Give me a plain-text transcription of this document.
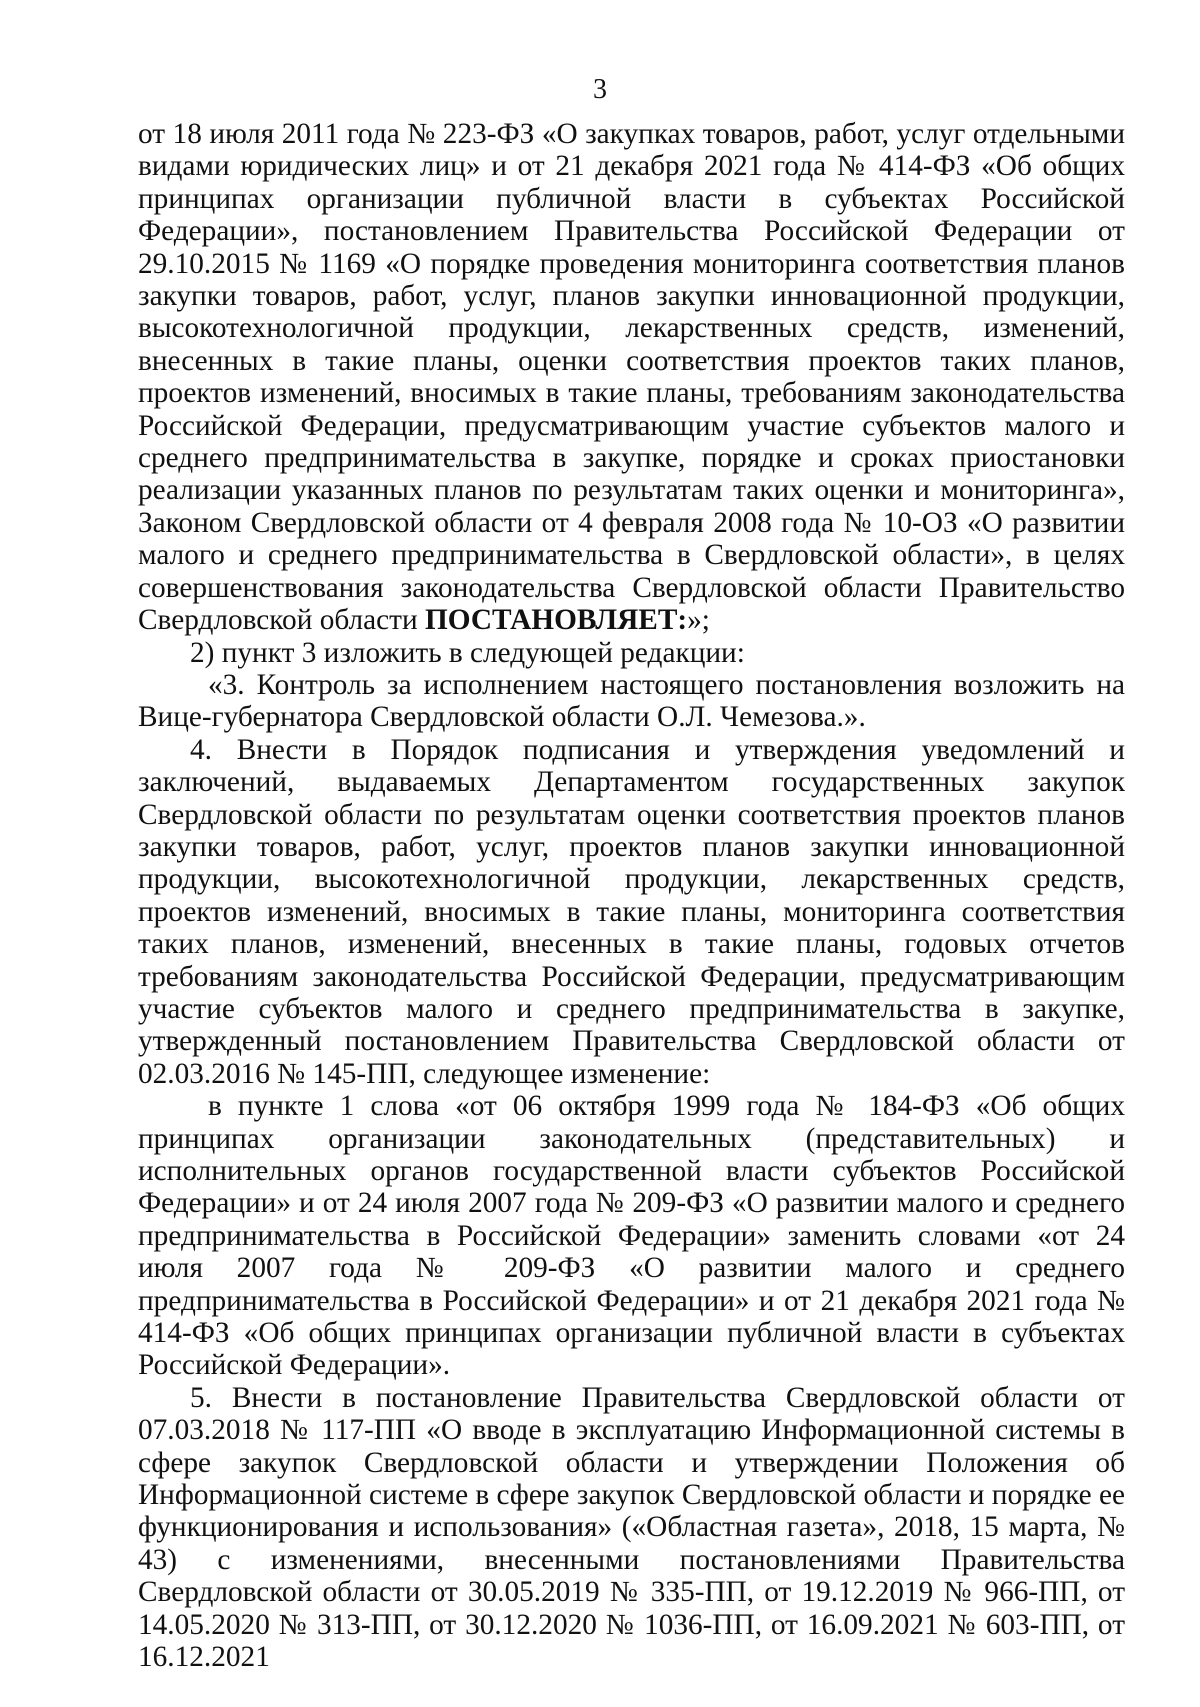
3

от 18 июля 2011 года № 223-ФЗ «О закупках товаров, работ, услуг отдельными видами юридических лиц» и от 21 декабря 2021 года № 414-ФЗ «Об общих принципах организации публичной власти в субъектах Российской Федерации», постановлением Правительства Российской Федерации от 29.10.2015 № 1169 «О порядке проведения мониторинга соответствия планов закупки товаров, работ, услуг, планов закупки инновационной продукции, высокотехнологичной продукции, лекарственных средств, изменений, внесенных в такие планы, оценки соответствия проектов таких планов, проектов изменений, вносимых в такие планы, требованиям законодательства Российской Федерации, предусматривающим участие субъектов малого и среднего предпринимательства в закупке, порядке и сроках приостановки реализации указанных планов по результатам таких оценки и мониторинга», Законом Свердловской области от 4 февраля 2008 года № 10-ОЗ «О развитии малого и среднего предпринимательства в Свердловской области», в целях совершенствования законодательства Свердловской области Правительство Свердловской области ПОСТАНОВЛЯЕТ:»;

2) пункт 3 изложить в следующей редакции:

«3. Контроль за исполнением настоящего постановления возложить на Вице-губернатора Свердловской области О.Л. Чемезова.».

4. Внести в Порядок подписания и утверждения уведомлений и заключений, выдаваемых Департаментом государственных закупок Свердловской области по результатам оценки соответствия проектов планов закупки товаров, работ, услуг, проектов планов закупки инновационной продукции, высокотехнологичной продукции, лекарственных средств, проектов изменений, вносимых в такие планы, мониторинга соответствия таких планов, изменений, внесенных в такие планы, годовых отчетов требованиям законодательства Российской Федерации, предусматривающим участие субъектов малого и среднего предпринимательства в закупке, утвержденный постановлением Правительства Свердловской области от 02.03.2016 № 145-ПП, следующее изменение:

в пункте 1 слова «от 06 октября 1999 года № 184-ФЗ «Об общих принципах организации законодательных (представительных) и исполнительных органов государственной власти субъектов Российской Федерации» и от 24 июля 2007 года № 209-ФЗ «О развитии малого и среднего предпринимательства в Российской Федерации» заменить словами «от 24 июля 2007 года № 209-ФЗ «О развитии малого и среднего предпринимательства в Российской Федерации» и от 21 декабря 2021 года № 414-ФЗ «Об общих принципах организации публичной власти в субъектах Российской Федерации».

5. Внести в постановление Правительства Свердловской области от 07.03.2018 № 117-ПП «О вводе в эксплуатацию Информационной системы в сфере закупок Свердловской области и утверждении Положения об Информационной системе в сфере закупок Свердловской области и порядке ее функционирования и использования» («Областная газета», 2018, 15 марта, № 43) с изменениями, внесенными постановлениями Правительства Свердловской области от 30.05.2019 № 335-ПП, от 19.12.2019 № 966-ПП, от 14.05.2020 № 313-ПП, от 30.12.2020 № 1036-ПП, от 16.09.2021 № 603-ПП, от 16.12.2021
